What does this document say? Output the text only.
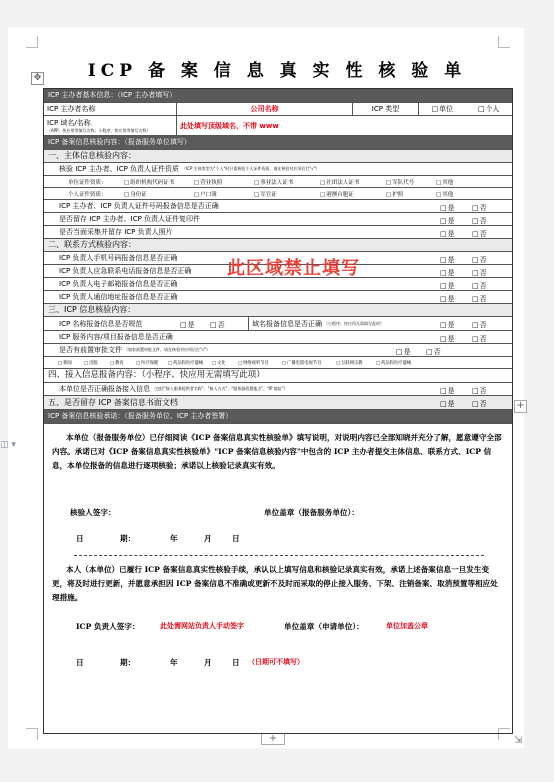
✥
+
+	⇲
◫ ▾
ICP 备 案 信 息 真 实 性 核 验 单
ICP 主办者基本信息：（ICP 主办者填写）
ICP 主办者名称	公司名称	ICP 类型	□ 单位	□ 个人
ICP 域名/名称
（APP、快应用等填写名称；小程序、快应用等填写名称）
此处填写顶级域名，不带 www
ICP 备案信息核验内容：（报备服务单位填写）
一、主体信息核验内容：
核验 ICP 主办者、ICP 负责人证件资质 （ICP 主体类型为"个人"时只需核验个人证件资质，请在核验对应项后打"√"）
单位证件资质：	□ 组织机构代码证书	□ 营业执照	□ 事业法人证书	□ 社团法人证书	□ 军队代号	□ 其他
个人证件资质：	□ 身份证	□ 户口簿	□ 军官证	□ 港澳台胞证	□ 护照	□ 其他
ICP 主办者、ICP 负责人证件号码报备信息是否正确	□ 是	□ 否
是否留存 ICP 主办者、ICP 负责人证件复印件	□ 是	□ 否
是否当面采集并留存 ICP 负责人照片	□ 是	□ 否
二、联系方式核验内容：
ICP 负责人手机号码报备信息是否正确	□ 是	□ 否
ICP 负责人应急联系电话报备信息是否正确	□ 是	□ 否
ICP 负责人电子邮箱报备信息是否正确	□ 是	□ 否
ICP 负责人通信地址报备信息是否正确	□ 是	□ 否
三、ICP 信息核验内容：
ICP 名称报备信息是否规范	□ 是	□ 否	域名报备信息是否正确 （小程序、快应用无需填写此项）	□ 是	□ 否
ICP 服务内容/项目报备信息是否正确	□ 是	□ 否
是否有前置审批文件 （如有前置审批文件，请在核验对应项后打"√"）	□ 是	□ 否
□ 新闻	□ 出版	□ 教育	□ 医疗保健	□ 药品和医疗器械	□ 文化	□ 网络视听节目	□ 广播电影电视节目	□ 互联网宗教	□ 药品和医疗器械
四、接入信息报备内容：（小程序、快应用无需填写此项）
本单位是否正确报备接入信息 （包括"接入服务提供者名称"、"接入方式"、"服务器放置地点"、"IP 地址"）	□ 是	□ 否
五、是否留存 ICP 备案信息书面文档	□ 是	□ 否
此区域禁止填写
ICP 备案信息核验承诺：（报备服务单位、ICP 主办者签署）
本单位（报备服务单位）已仔细阅读《ICP 备案信息真实性核验单》填写说明，对说明内容已全部知晓并充分了解，愿意遵守全部内容。承诺已对《ICP 备案信息真实性核验单》"ICP 备案信息核验内容"中包含的 ICP 主办者提交主体信息、联系方式、ICP 信息，本单位报备的信息进行逐项核验；承诺以上核验记录真实有效。
核验人签字：	单位盖章（报备服务单位）：
日	期：	年	月	日
本人（本单位）已履行 ICP 备案信息真实性核验手续，承认以上填写信息和核验记录真实有效，承诺上述备案信息一旦发生变更，将及时进行更新，并愿意承担因 ICP 备案信息不准确或更新不及时而采取的停止接入服务、下架、注销备案、取消预置等相应处理措施。
ICP 负责人签字：	此处需网站负责人手动签字	单位盖章（申请单位）：	单位加盖公章
日	期：	年	月	日 （日期可不填写）
